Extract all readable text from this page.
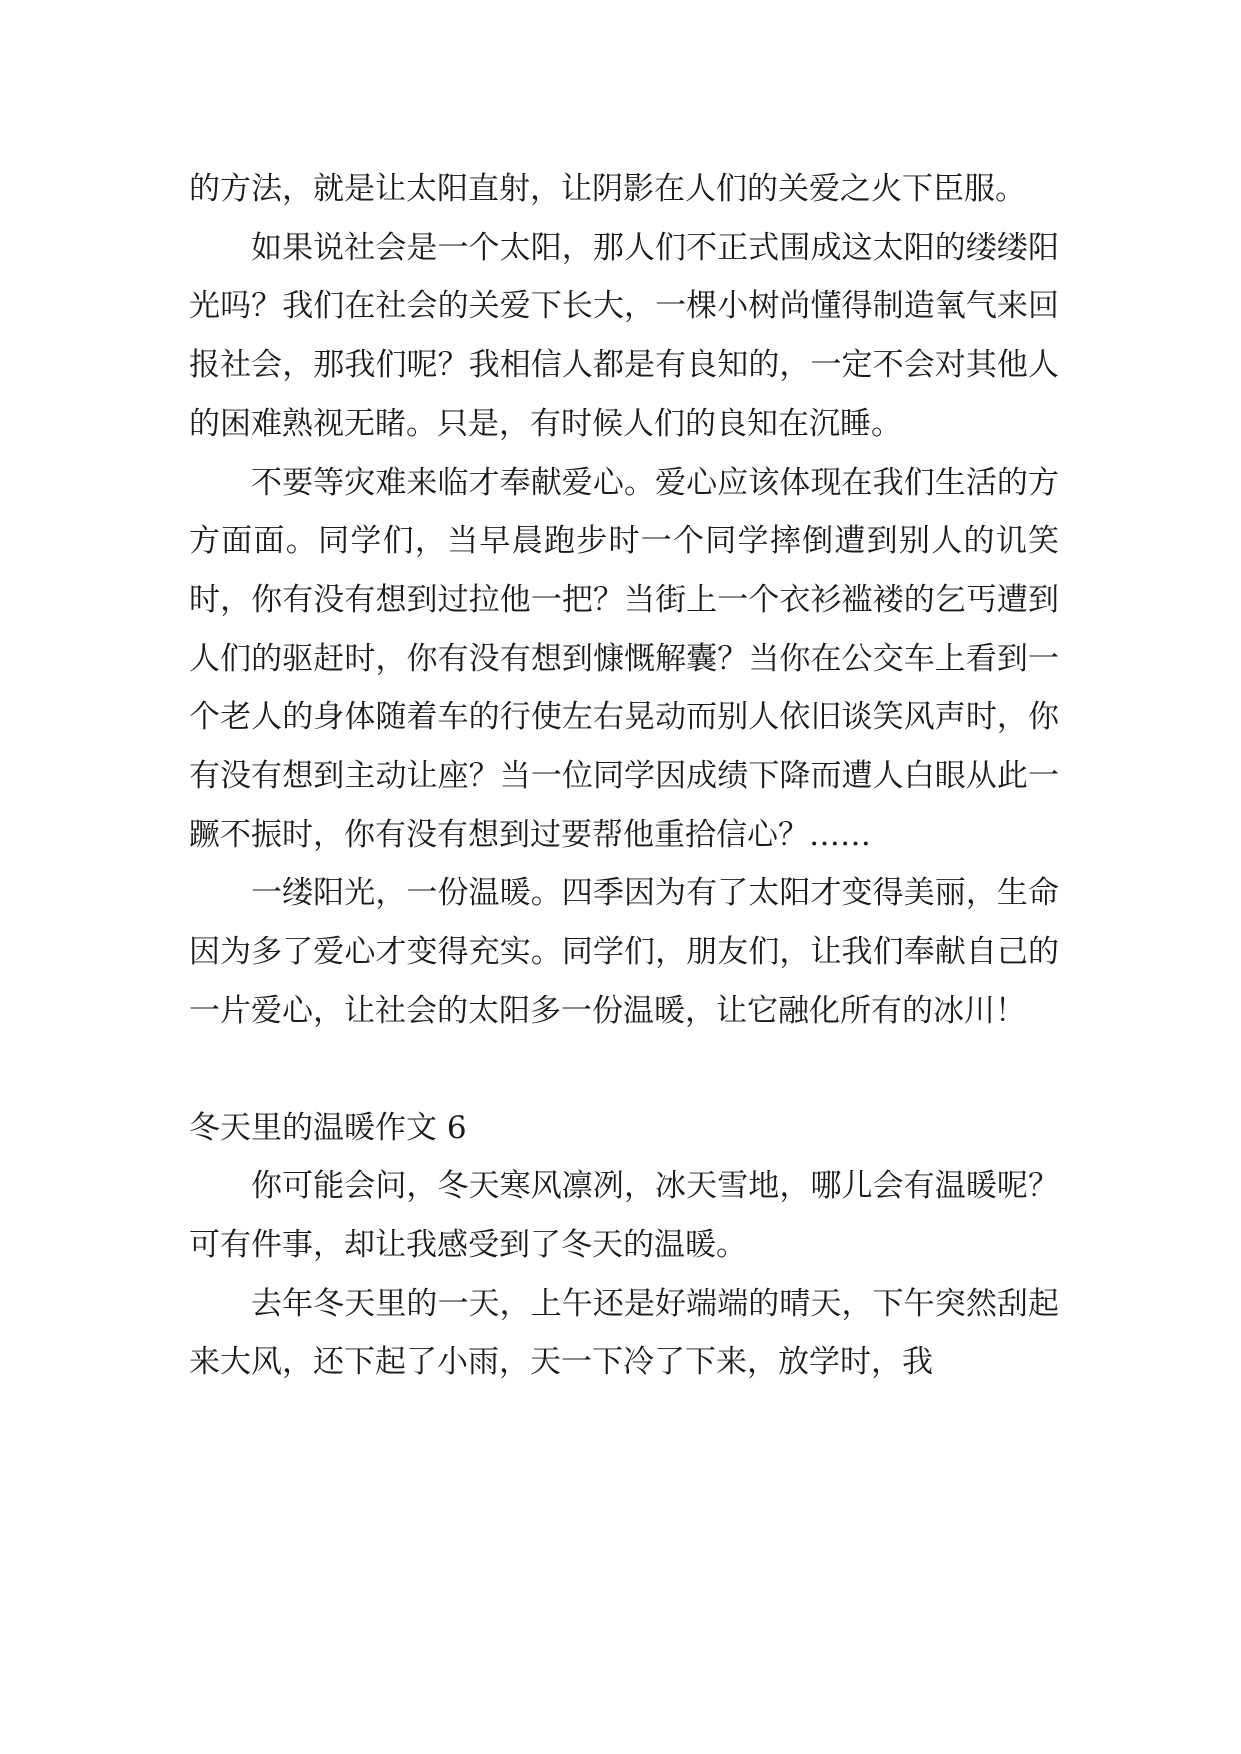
的方法，就是让太阳直射，让阴影在人们的关爱之火下臣服。

如果说社会是一个太阳，那人们不正式围成这太阳的缕缕阳光吗？我们在社会的关爱下长大，一棵小树尚懂得制造氧气来回报社会，那我们呢？我相信人都是有良知的，一定不会对其他人的困难熟视无睹。只是，有时候人们的良知在沉睡。

不要等灾难来临才奉献爱心。爱心应该体现在我们生活的方方面面。同学们，当早晨跑步时一个同学摔倒遭到别人的讥笑时，你有没有想到过拉他一把？当街上一个衣衫褴褛的乞丐遭到人们的驱赶时，你有没有想到慷慨解囊？当你在公交车上看到一个老人的身体随着车的行使左右晃动而别人依旧谈笑风声时，你有没有想到主动让座？当一位同学因成绩下降而遭人白眼从此一蹶不振时，你有没有想到过要帮他重拾信心？……

一缕阳光，一份温暖。四季因为有了太阳才变得美丽，生命因为多了爱心才变得充实。同学们，朋友们，让我们奉献自己的一片爱心，让社会的太阳多一份温暖，让它融化所有的冰川！

冬天里的温暖作文 6

你可能会问，冬天寒风凛冽，冰天雪地，哪儿会有温暖呢？可有件事，却让我感受到了冬天的温暖。

去年冬天里的一天，上午还是好端端的晴天，下午突然刮起来大风，还下起了小雨，天一下冷了下来，放学时，我
